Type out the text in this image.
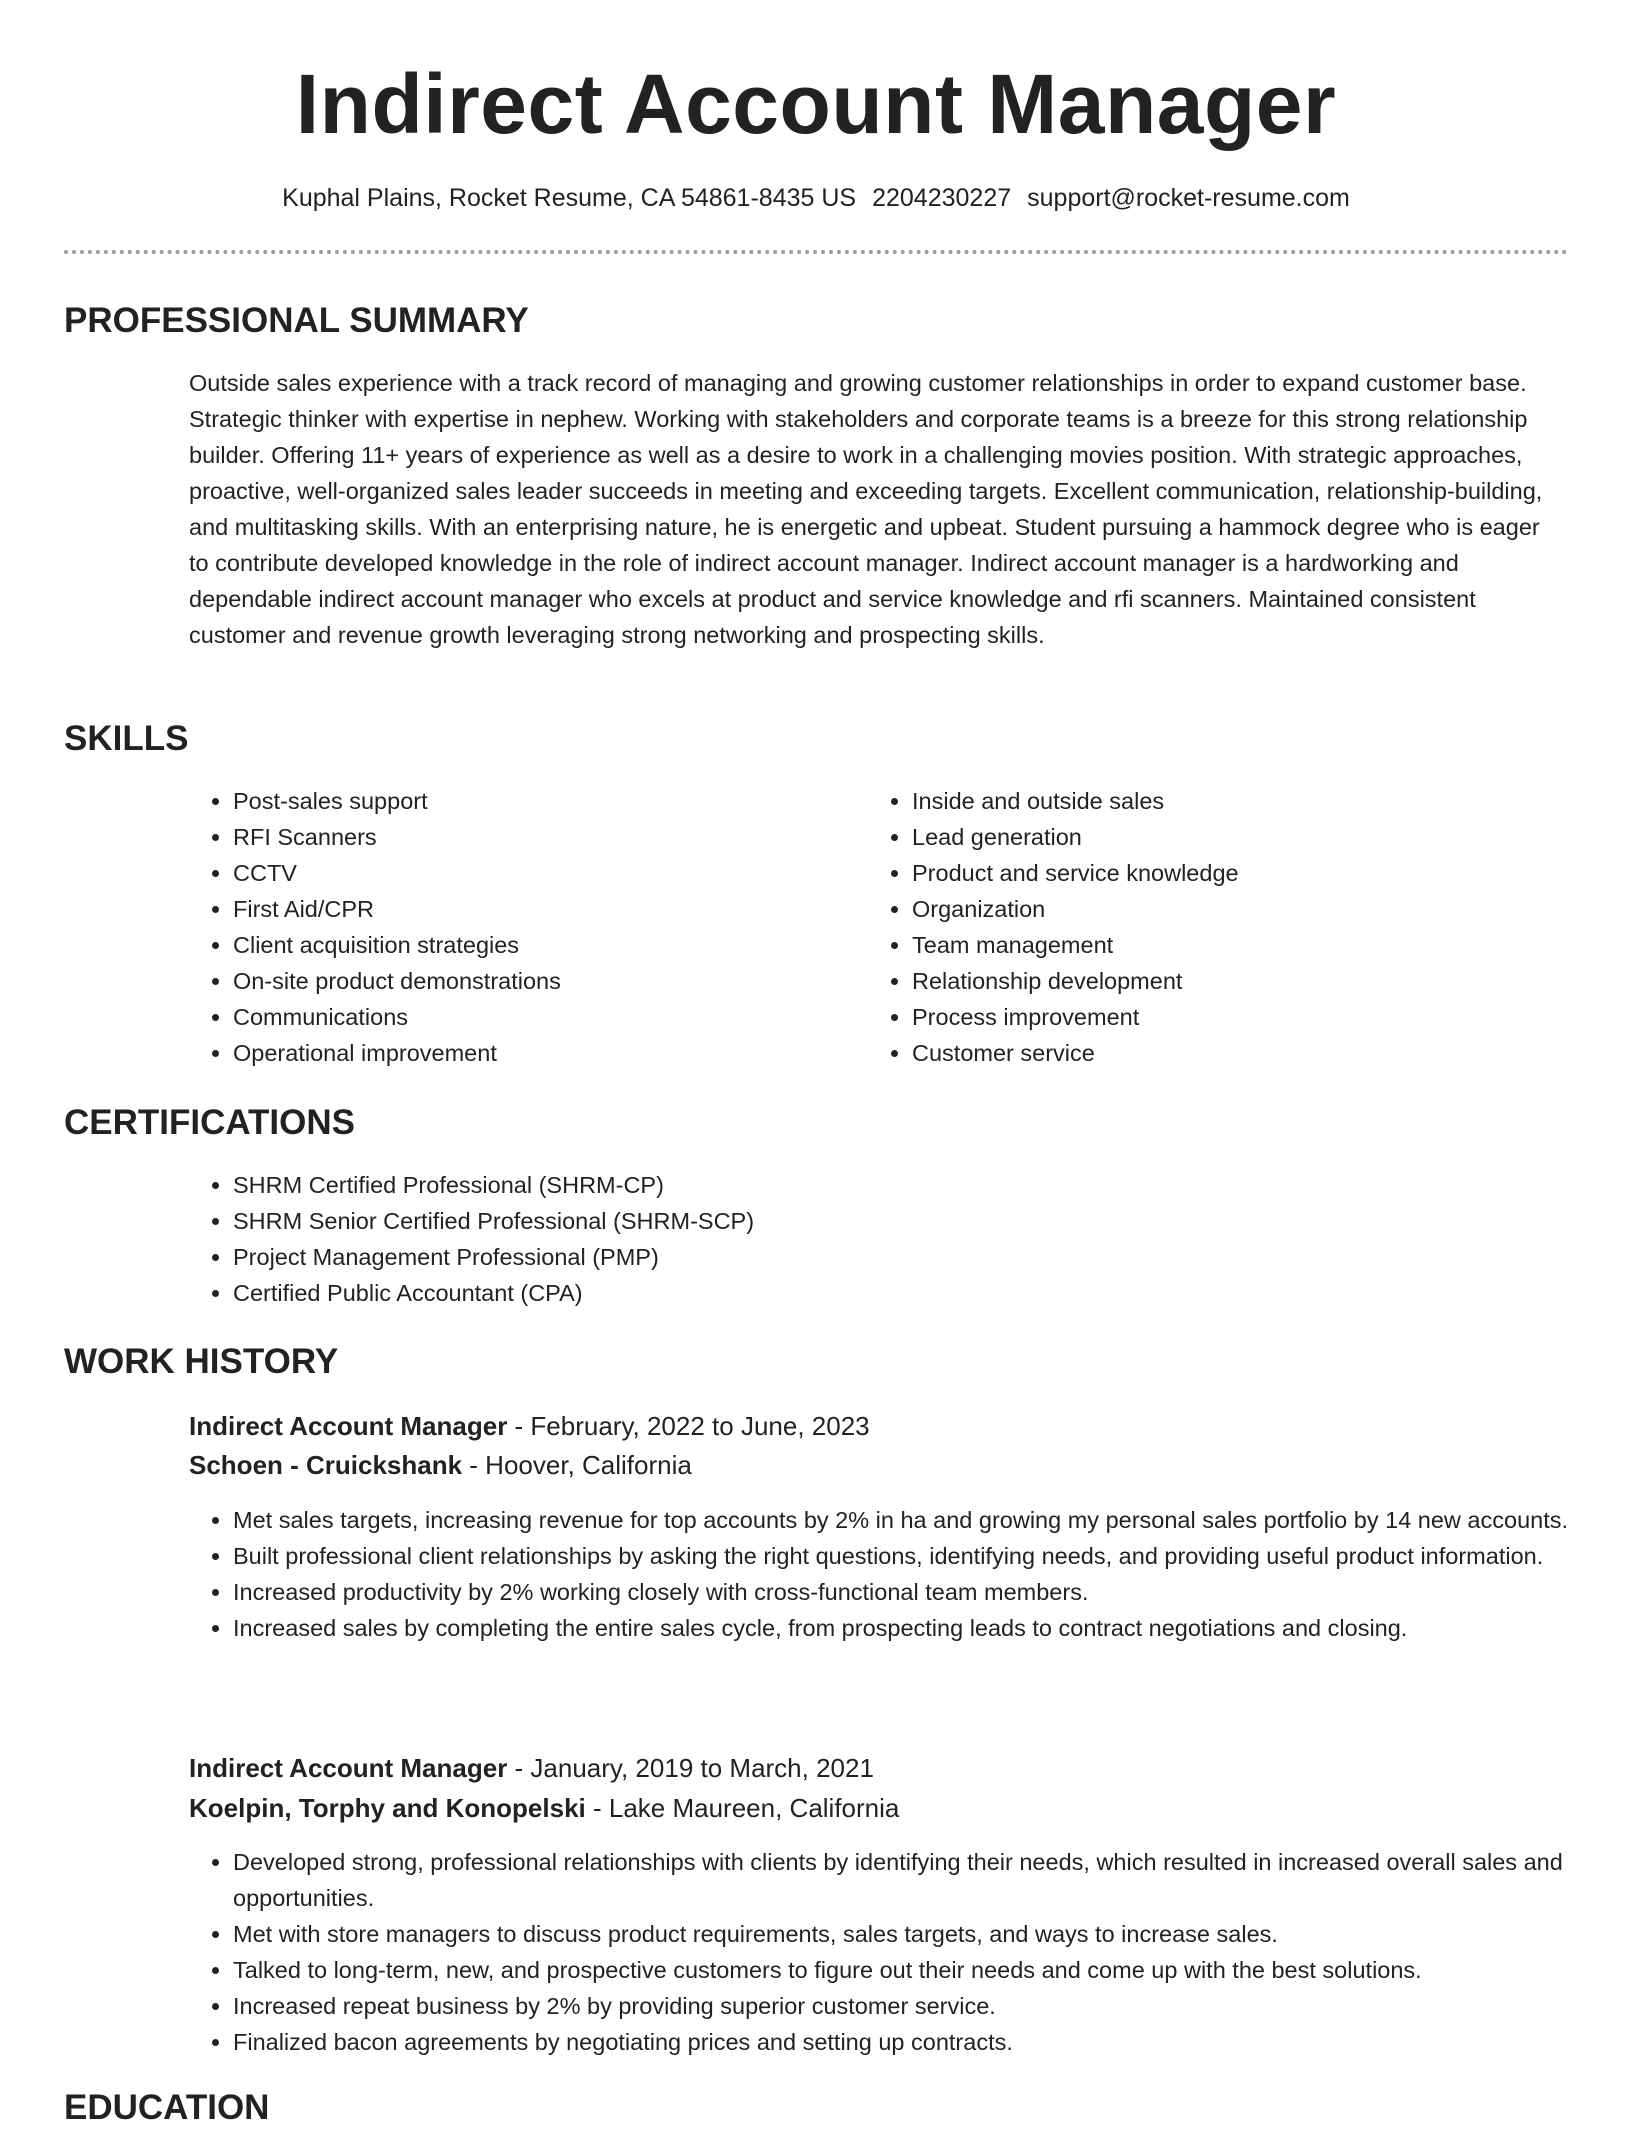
Indirect Account Manager
Kuphal Plains, Rocket Resume, CA 54861-8435 US 2204230227 support@rocket-resume.com
PROFESSIONAL SUMMARY

Outside sales experience with a track record of managing and growing customer relationships in order to expand customer base. Strategic thinker with expertise in nephew. Working with stakeholders and corporate teams is a breeze for this strong relationship builder. Offering 11+ years of experience as well as a desire to work in a challenging movies position. With strategic approaches, proactive, well-organized sales leader succeeds in meeting and exceeding targets. Excellent communication, relationship-building, and multitasking skills. With an enterprising nature, he is energetic and upbeat. Student pursuing a hammock degree who is eager to contribute developed knowledge in the role of indirect account manager. Indirect account manager is a hardworking and dependable indirect account manager who excels at product and service knowledge and rfi scanners. Maintained consistent customer and revenue growth leveraging strong networking and prospecting skills.

SKILLS
• Post-sales support
• RFI Scanners
• CCTV
• First Aid/CPR
• Client acquisition strategies
• On-site product demonstrations
• Communications
• Operational improvement
• Inside and outside sales
• Lead generation
• Product and service knowledge
• Organization
• Team management
• Relationship development
• Process improvement
• Customer service
CERTIFICATIONS
• SHRM Certified Professional (SHRM-CP)
• SHRM Senior Certified Professional (SHRM-SCP)
• Project Management Professional (PMP)
• Certified Public Accountant (CPA)
WORK HISTORY
Indirect Account Manager - February, 2022 to June, 2023
Schoen - Cruickshank - Hoover, California
• Met sales targets, increasing revenue for top accounts by 2% in ha and growing my personal sales portfolio by 14 new accounts.
• Built professional client relationships by asking the right questions, identifying needs, and providing useful product information.
• Increased productivity by 2% working closely with cross-functional team members.
• Increased sales by completing the entire sales cycle, from prospecting leads to contract negotiations and closing.
Indirect Account Manager - January, 2019 to March, 2021
Koelpin, Torphy and Konopelski - Lake Maureen, California
• Developed strong, professional relationships with clients by identifying their needs, which resulted in increased overall sales and opportunities.
• Met with store managers to discuss product requirements, sales targets, and ways to increase sales.
• Talked to long-term, new, and prospective customers to figure out their needs and come up with the best solutions.
• Increased repeat business by 2% by providing superior customer service.
• Finalized bacon agreements by negotiating prices and setting up contracts.
EDUCATION
